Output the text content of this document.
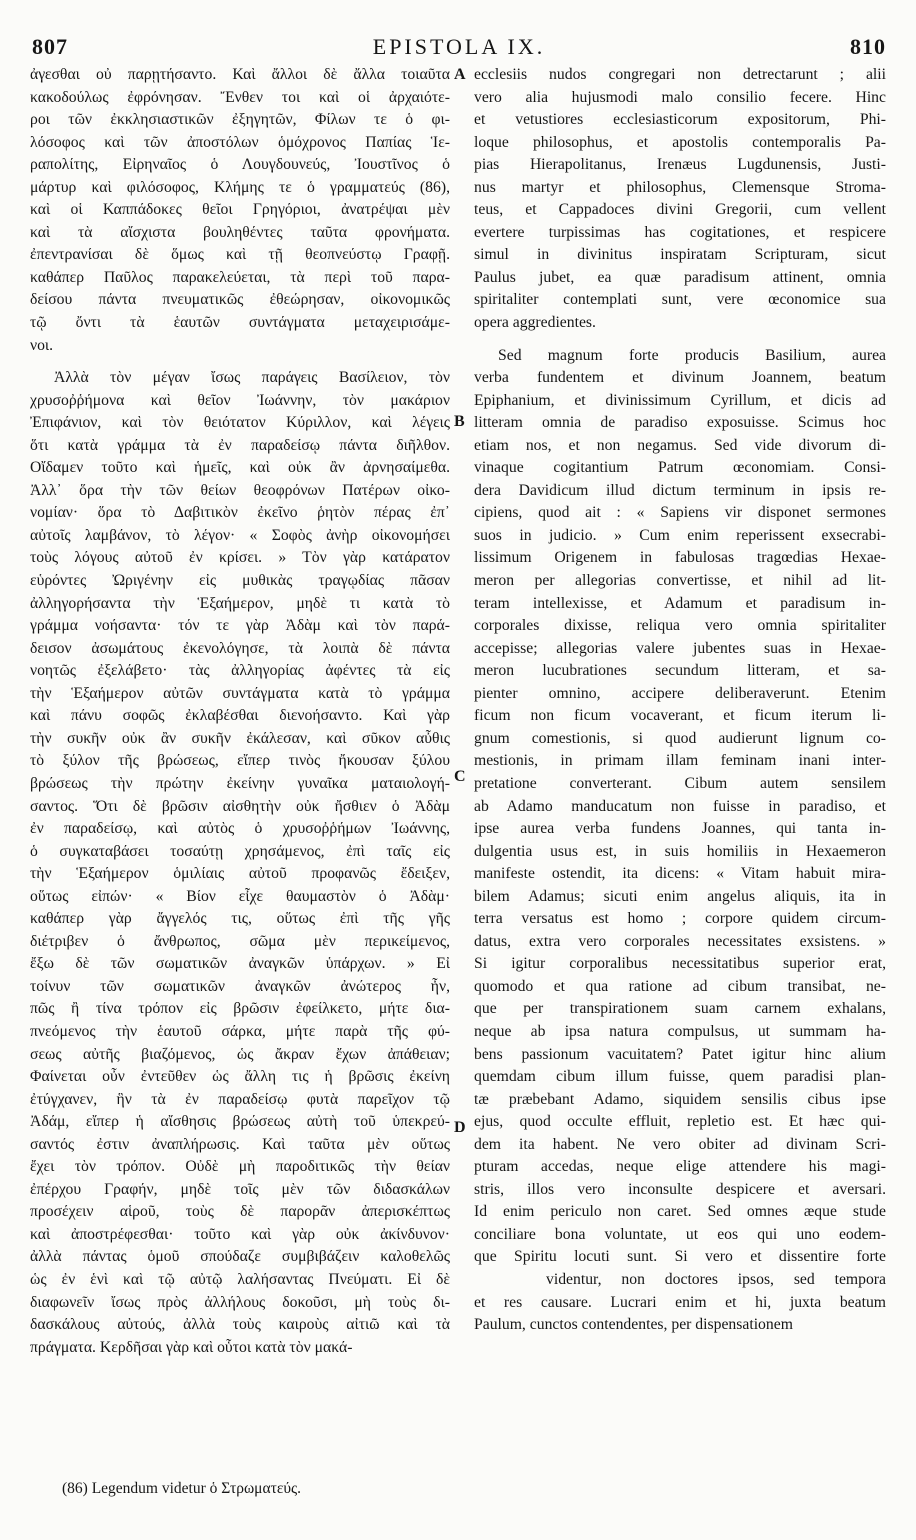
807	EPISTOLA IX.	810
ἀγεσθαι οὐ παρῃτήσαντο. Καὶ ἄλλοι δὲ ἄλλα τοιαῦτα
κακοδούλως ἐφρόνησαν. Ἔνθεν τοι καὶ οἱ ἀρχαιότε-
ροι τῶν ἐκκλησιαστικῶν ἐξηγητῶν, Φίλων τε ὁ φι-
λόσοφος καὶ τῶν ἀποστόλων ὁμόχρονος Παπίας Ἱε-
ραπολίτης, Εἰρηναῖος ὁ Λουγδουνεύς, Ἰουστῖνος ὁ
μάρτυρ καὶ φιλόσοφος, Κλήμης τε ὁ γραμματεύς (86),
καὶ οἱ Καππάδοκες θεῖοι Γρηγόριοι, ἀνατρέψαι μὲν
καὶ τὰ αἴσχιστα βουληθέντες ταῦτα φρονήματα.
ἐπεντρανίσαι δὲ ὅμως καὶ τῇ θεοπνεύστῳ Γραφῇ.
καθάπερ Παῦλος παρακελεύεται, τὰ περὶ τοῦ παρα-
δείσου πάντα πνευματικῶς ἐθεώρησαν, οἰκονομικῶς
τῷ ὄντι τὰ ἑαυτῶν συντάγματα μεταχειρισάμε-
νοι.
Ἀλλὰ τὸν μέγαν ἴσως παράγεις Βασίλειον, τὸν
χρυσοῤῥήμονα καὶ θεῖον Ἰωάννην, τὸν μακάριον
Ἐπιφάνιον, καὶ τὸν θειότατον Κύριλλον, καὶ λέγεις
ὅτι κατὰ γράμμα τὰ ἐν παραδείσῳ πάντα διῆλθον.
Οἴδαμεν τοῦτο καὶ ἡμεῖς, καὶ οὐκ ἂν ἀρνησαίμεθα.
Ἀλλ᾽ ὅρα τὴν τῶν θείων θεοφρόνων Πατέρων οἰκο-
νομίαν· ὅρα τὸ Δαβιτικὸν ἐκεῖνο ῥητὸν πέρας ἐπ᾽
αὐτοῖς λαμβάνον, τὸ λέγον· « Σοφὸς ἀνὴρ οἰκονομήσει
τοὺς λόγους αὐτοῦ ἐν κρίσει. » Τὸν γὰρ κατάρατον
εὑρόντες Ὠριγένην εἰς μυθικὰς τραγῳδίας πᾶσαν
ἀλληγορήσαντα τὴν Ἑξαήμερον, μηδὲ τι κατὰ τὸ
γράμμα νοήσαντα· τόν τε γὰρ Ἀδὰμ καὶ τὸν παρά-
δεισον ἀσωμάτους ἐκενολόγησε, τὰ λοιπὰ δὲ πάντα
νοητῶς ἐξελάβετο· τὰς ἀλληγορίας ἀφέντες τὰ εἰς
τὴν Ἑξαήμερον αὐτῶν συντάγματα κατὰ τὸ γράμμα
καὶ πάνυ σοφῶς ἐκλαβέσθαι διενοήσαντο. Καὶ γὰρ
τὴν συκῆν οὐκ ἂν συκῆν ἐκάλεσαν, καὶ σῦκον αὖθις
τὸ ξύλον τῆς βρώσεως, εἴπερ τινὸς ἤκουσαν ξύλου
βρώσεως τὴν πρώτην ἐκείνην γυναῖκα ματαιολογή-
σαντος. Ὅτι δὲ βρῶσιν αἰσθητὴν οὐκ ἤσθιεν ὁ Ἀδὰμ
ἐν παραδείσῳ, καὶ αὐτὸς ὁ χρυσοῤῥήμων Ἰωάννης,
ὁ συγκαταβάσει τοσαύτῃ χρησάμενος, ἐπὶ ταῖς εἰς
τὴν Ἑξαήμερον ὁμιλίαις αὐτοῦ προφανῶς ἔδειξεν,
οὕτως εἰπών· « Βίον εἶχε θαυμαστὸν ὁ Ἀδὰμ·
καθάπερ γὰρ ἄγγελός τις, οὕτως ἐπὶ τῆς γῆς
διέτριβεν ὁ ἄνθρωπος, σῶμα μὲν περικείμενος,
ἔξω δὲ τῶν σωματικῶν ἀναγκῶν ὑπάρχων. » Εἰ
τοίνυν τῶν σωματικῶν ἀναγκῶν ἀνώτερος ἦν,
πῶς ἢ τίνα τρόπον εἰς βρῶσιν ἐφείλκετο, μήτε δια-
πνεόμενος τὴν ἑαυτοῦ σάρκα, μήτε παρὰ τῆς φύ-
σεως αὐτῆς βιαζόμενος, ὡς ἄκραν ἔχων ἀπάθειαν;
Φαίνεται οὖν ἐντεῦθεν ὡς ἄλλη τις ἡ βρῶσις ἐκείνη
ἐτύγχανεν, ἣν τὰ ἐν παραδείσῳ φυτὰ παρεῖχον τῷ
Ἀδάμ, εἴπερ ἡ αἴσθησις βρώσεως αὐτὴ τοῦ ὑπεκρεύ-
σαντός ἐστιν ἀναπλήρωσις. Καὶ ταῦτα μὲν οὕτως
ἔχει τὸν τρόπον. Οὐδὲ μὴ παροδιτικῶς τὴν θείαν
ἐπέρχου Γραφήν, μηδὲ τοῖς μὲν τῶν διδασκάλων
προσέχειν αἱροῦ, τοὺς δὲ παρορᾶν ἀπερισκέπτως
καὶ ἀποστρέφεσθαι· τοῦτο καὶ γὰρ οὐκ ἀκίνδυνον·
ἀλλὰ πάντας ὁμοῦ σπούδαζε συμβιβάζειν καλοθελῶς
ὡς ἐν ἑνὶ καὶ τῷ αὐτῷ λαλήσαντας Πνεύματι. Εἰ δὲ
διαφωνεῖν ἴσως πρὸς ἀλλήλους δοκοῦσι, μὴ τοὺς δι-
δασκάλους αὐτούς, ἀλλὰ τοὺς καιροὺς αἰτιῶ καὶ τὰ
πράγματα. Κερδῆσαι γὰρ καὶ οὗτοι κατὰ τὸν μακά-
ecclesiis nudos congregari non detrectarunt ; alii
vero alia hujusmodi malo consilio fecere. Hinc
et vetustiores ecclesiasticorum expositorum, Phi-
loque philosophus, et apostolis contemporalis Pa-
pias Hierapolitanus, Irenæus Lugdunensis, Justi-
nus martyr et philosophus, Clemensque Stroma-
teus, et Cappadoces divini Gregorii, cum vellent
evertere turpissimas has cogitationes, et respicere
simul in divinitus inspiratam Scripturam, sicut
Paulus jubet, ea quæ paradisum attinent, omnia
spiritaliter contemplati sunt, vere œconomice sua
opera aggredientes.
Sed magnum forte producis Basilium, aurea
verba fundentem et divinum Joannem, beatum
Epiphanium, et divinissimum Cyrillum, et dicis ad
litteram omnia de paradiso exposuisse. Scimus hoc
etiam nos, et non negamus. Sed vide divorum di-
vinaque cogitantium Patrum œconomiam. Consi-
dera Davidicum illud dictum terminum in ipsis re-
cipiens, quod ait : « Sapiens vir disponet sermones
suos in judicio. » Cum enim reperissent exsecrabi-
lissimum Origenem in fabulosas tragœdias Hexae-
meron per allegorias convertisse, et nihil ad lit-
teram intellexisse, et Adamum et paradisum in-
corporales dixisse, reliqua vero omnia spiritaliter
accepisse; allegorias valere jubentes suas in Hexae-
meron lucubrationes secundum litteram, et sa-
pienter omnino, accipere deliberaverunt. Etenim
ficum non ficum vocaverant, et ficum iterum li-
gnum comestionis, si quod audierunt lignum co-
mestionis, in primam illam feminam inani inter-
pretatione converterant. Cibum autem sensilem
ab Adamo manducatum non fuisse in paradiso, et
ipse aurea verba fundens Joannes, qui tanta in-
dulgentia usus est, in suis homiliis in Hexaemeron
manifeste ostendit, ita dicens: « Vitam habuit mira-
bilem Adamus; sicuti enim angelus aliquis, ita in
terra versatus est homo ; corpore quidem circum-
datus, extra vero corporales necessitates exsistens. »
Si igitur corporalibus necessitatibus superior erat,
quomodo et qua ratione ad cibum transibat, ne-
que per transpirationem suam carnem exhalans,
neque ab ipsa natura compulsus, ut summam ha-
bens passionum vacuitatem? Patet igitur hinc alium
quemdam cibum illum fuisse, quem paradisi plan-
tæ præbebant Adamo, siquidem sensilis cibus ipse
ejus, quod occulte effluit, repletio est. Et hæc qui-
dem ita habent. Ne vero obiter ad divinam Scri-
pturam accedas, neque elige attendere his magi-
stris, illos vero inconsulte despicere et aversari.
Id enim periculo non caret. Sed omnes æque stude
conciliare bona voluntate, ut eos qui uno eodem-
que Spiritu locuti sunt. Si vero et dissentire forte
videntur, non doctores ipsos, sed tempora
et res causare. Lucrari enim et hi, juxta beatum
Paulum, cunctos contendentes, per dispensationem
A
B
C
D
(86) Legendum videtur ὁ Στρωματεύς.
